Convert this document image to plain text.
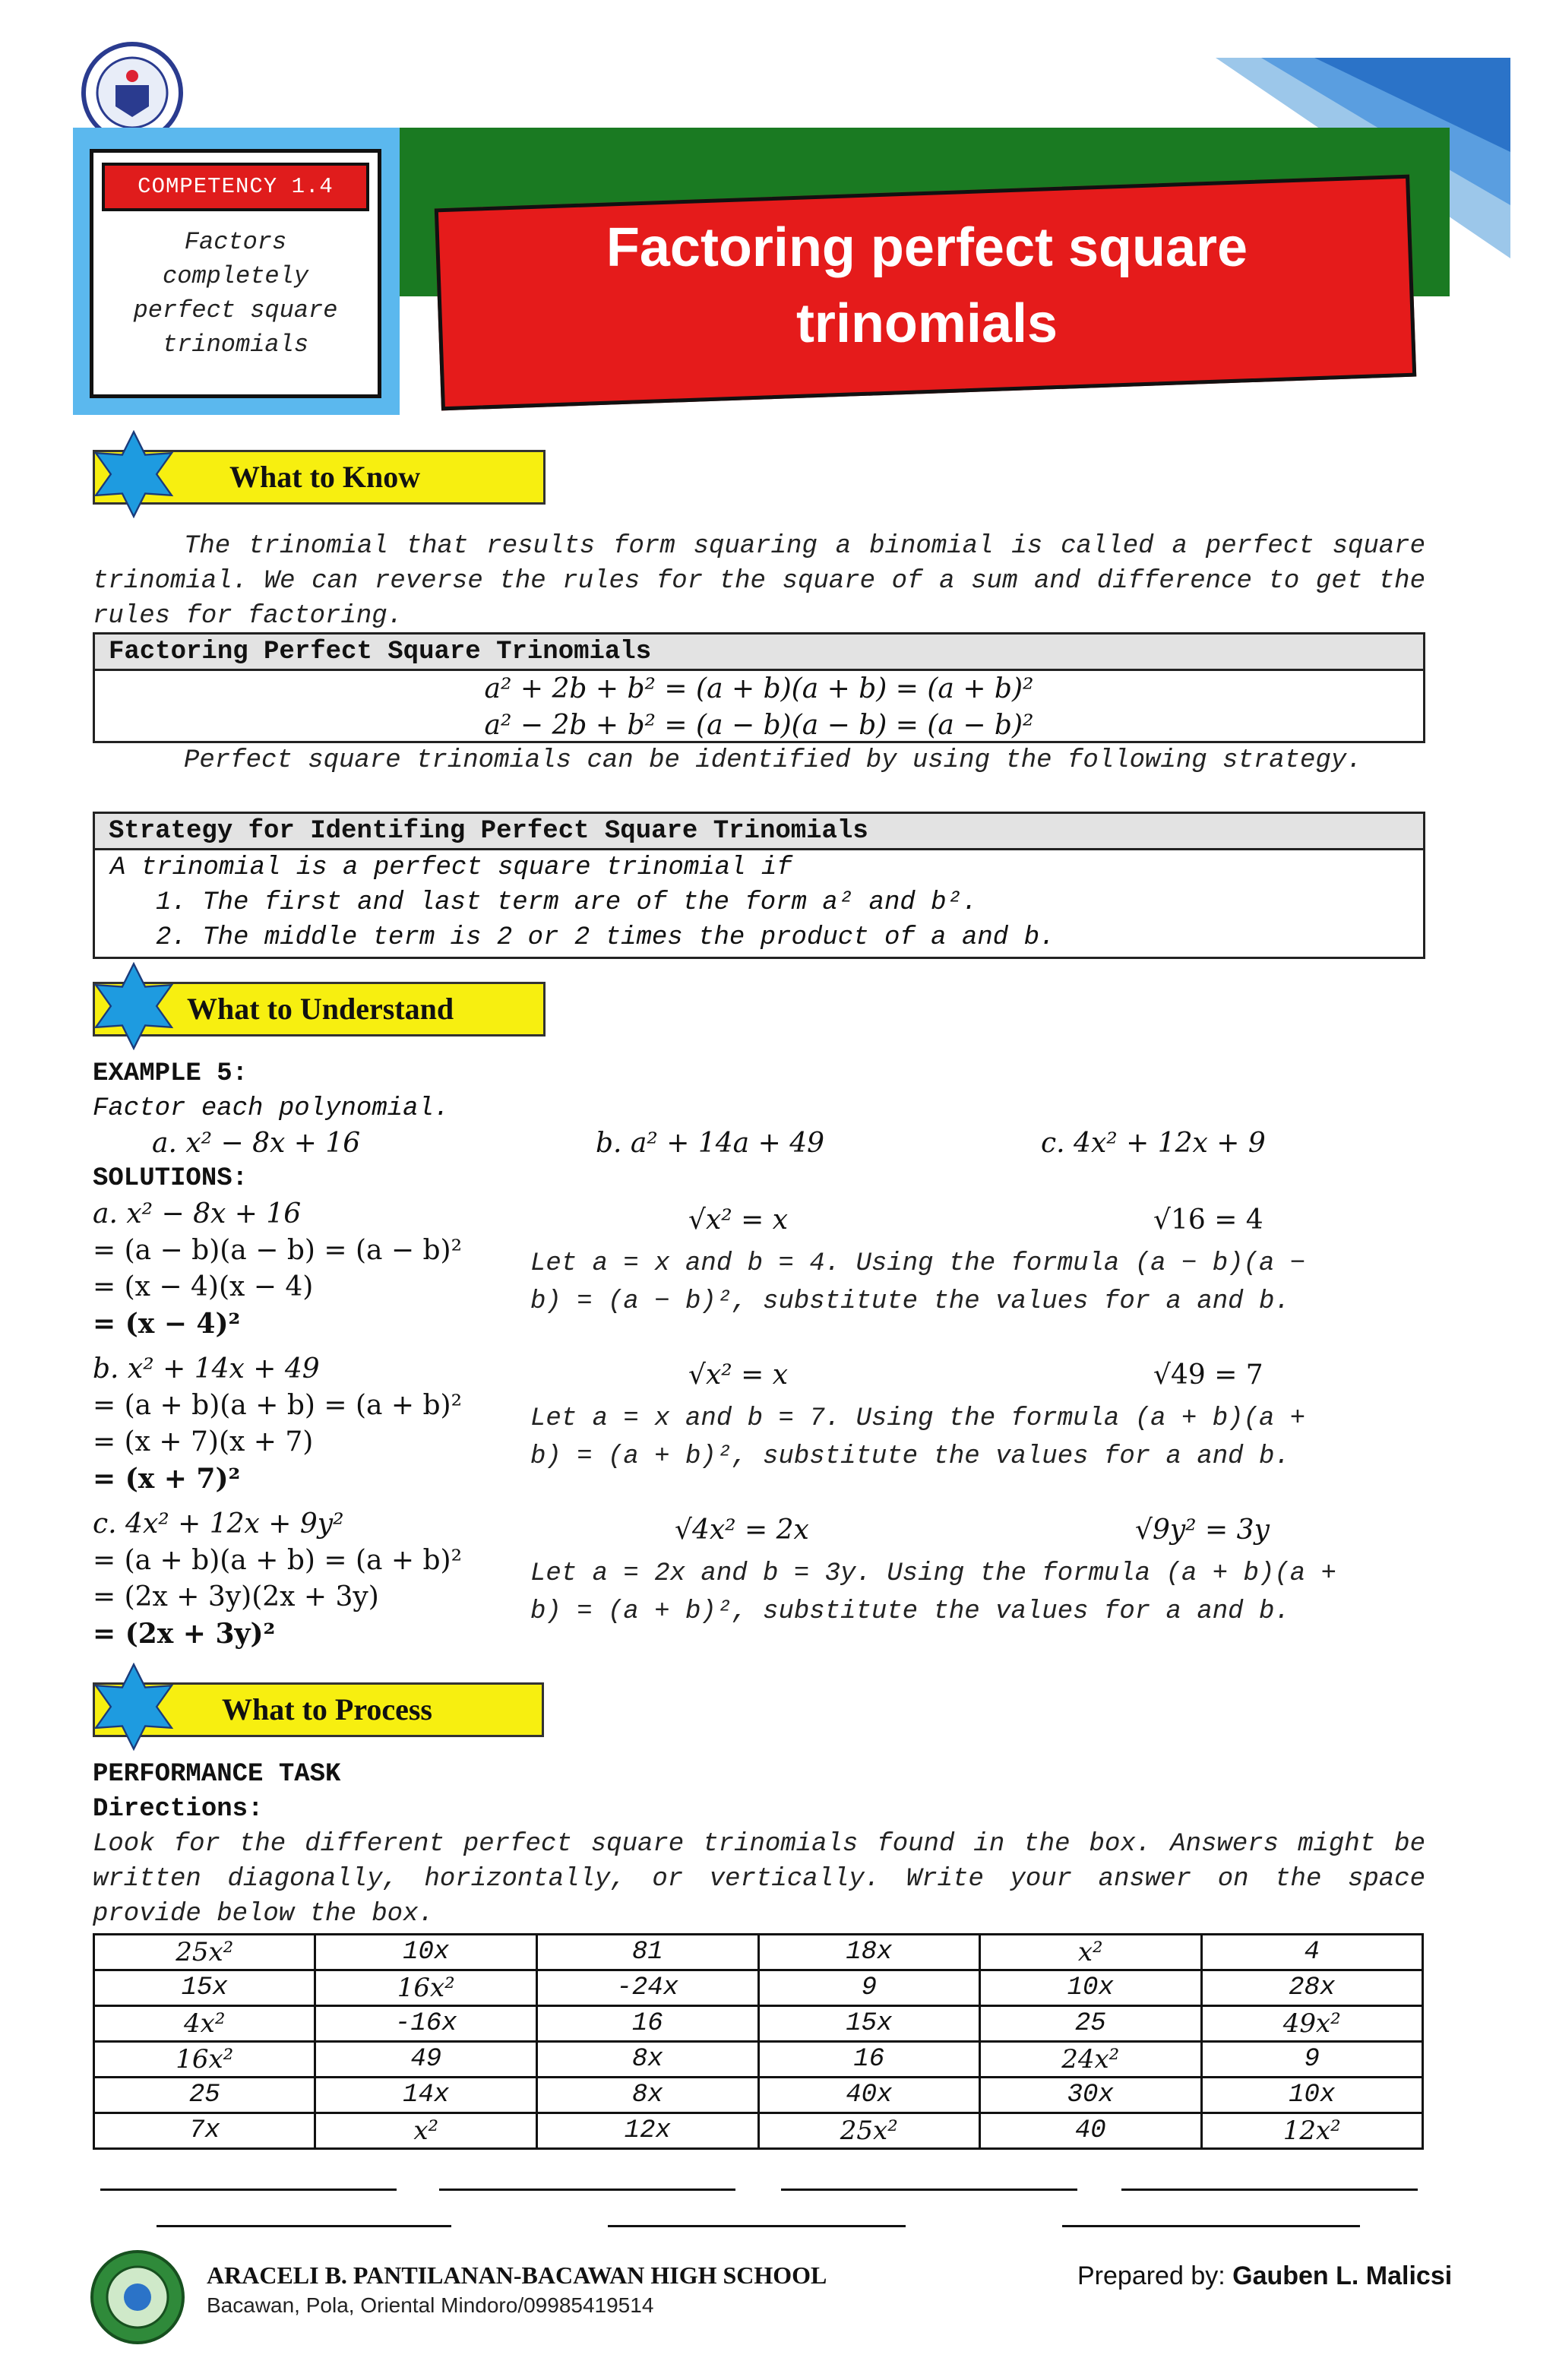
COMPETENCY 1.4
Factors
completely
perfect square
trinomials
Factoring perfect square
trinomials
What to Know
The trinomial that results form squaring a binomial is called a perfect square trinomial. We can reverse the rules for the square of a sum and difference to get the rules for factoring.
Factoring Perfect Square Trinomials
a² + 2b + b² = (a + b)(a + b) = (a + b)²
a² − 2b + b² = (a − b)(a − b) = (a − b)²
Perfect square trinomials can be identified by using the following strategy.
Strategy for Identifing Perfect Square Trinomials
A trinomial is a perfect square trinomial if
1. The first and last term are of the form a² and b².
2. The middle term is 2 or 2 times the product of a and b.
What to Understand
EXAMPLE 5:
Factor each polynomial.
a. x² − 8x + 16	b. a² + 14a + 49	c. 4x² + 12x + 9
SOLUTIONS:
a. x² − 8x + 16
= (a − b)(a − b) = (a − b)²
= (x − 4)(x − 4)
= (x − 4)²
√x² = x	√16 = 4
Let a = x and b = 4. Using the formula (a − b)(a −
b) = (a − b)², substitute the values for a and b.
b. x² + 14x + 49
= (a + b)(a + b) = (a + b)²
= (x + 7)(x + 7)
= (x + 7)²
√x² = x	√49 = 7
Let a = x and b = 7. Using the formula (a + b)(a +
b) = (a + b)², substitute the values for a and b.
c. 4x² + 12x + 9y²
= (a + b)(a + b) = (a + b)²
= (2x + 3y)(2x + 3y)
= (2x + 3y)²
√4x² = 2x	√9y² = 3y
Let a = 2x and b = 3y. Using the formula (a + b)(a +
b) = (a + b)², substitute the values for a and b.
What to Process
PERFORMANCE TASK
Directions:
Look for the different perfect square trinomials found in the box. Answers might be written diagonally, horizontally, or vertically. Write your answer on the space provide below the box.
25x²	10x	81	18x	x²	4
15x	16x²	-24x	9	10x	28x
4x²	-16x	16	15x	25	49x²
16x²	49	8x	16	24x²	9
25	14x	8x	40x	30x	10x
7x	x²	12x	25x²	40	12x²
ARACELI B. PANTILANAN-BACAWAN HIGH SCHOOL
Bacawan, Pola, Oriental Mindoro/09985419514
Prepared by: Gauben L. Malicsi
